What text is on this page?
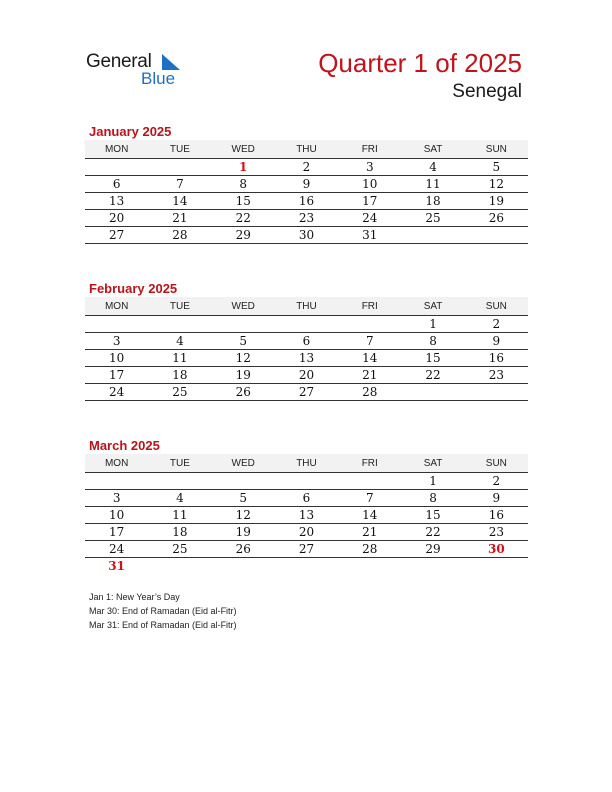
General
Blue
Quarter 1 of 2025
Senegal
January 2025
MON	TUE	WED	THU	FRI	SAT	SUN
		1	2	3	4	5
6	7	8	9	10	11	12
13	14	15	16	17	18	19
20	21	22	23	24	25	26
27	28	29	30	31		
February 2025
MON	TUE	WED	THU	FRI	SAT	SUN
					1	2
3	4	5	6	7	8	9
10	11	12	13	14	15	16
17	18	19	20	21	22	23
24	25	26	27	28		
March 2025
MON	TUE	WED	THU	FRI	SAT	SUN
					1	2
3	4	5	6	7	8	9
10	11	12	13	14	15	16
17	18	19	20	21	22	23
24	25	26	27	28	29	30
31						
Jan 1: New Year’s Day
Mar 30: End of Ramadan (Eid al-Fitr)
Mar 31: End of Ramadan (Eid al-Fitr)
